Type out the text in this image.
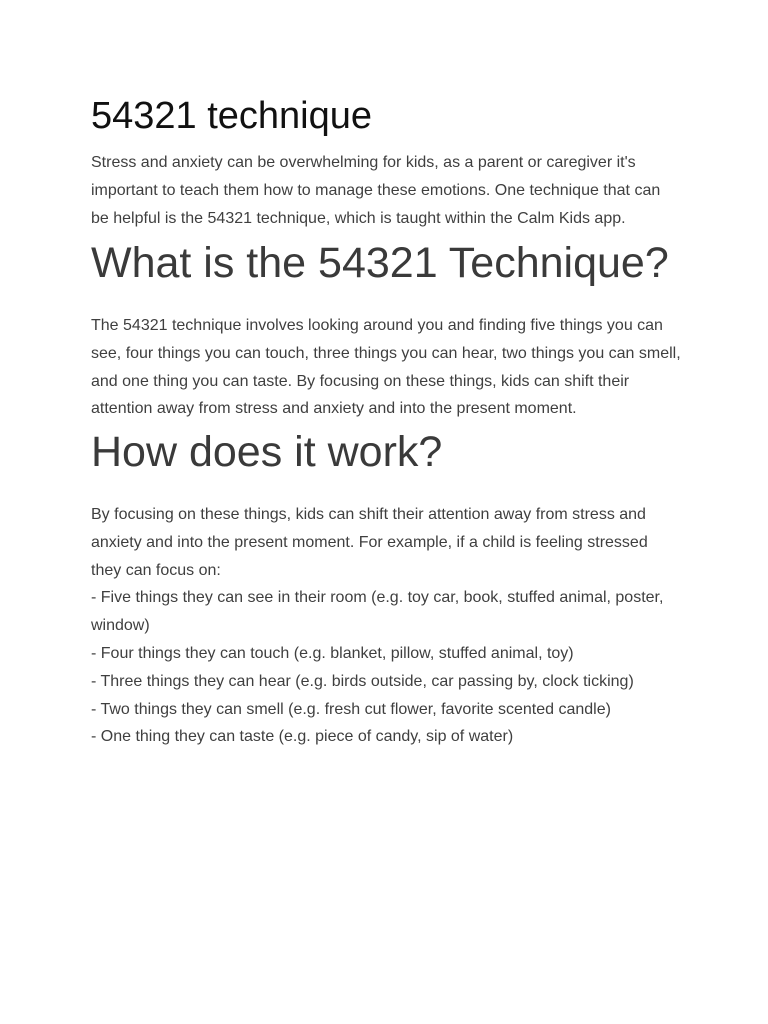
54321 technique

Stress and anxiety can be overwhelming for kids, as a parent or caregiver it's important to teach them how to manage these emotions. One technique that can be helpful is the 54321 technique, which is taught within the Calm Kids app.

What is the 54321 Technique?

The 54321 technique involves looking around you and finding five things you can see, four things you can touch, three things you can hear, two things you can smell, and one thing you can taste. By focusing on these things, kids can shift their attention away from stress and anxiety and into the present moment.

How does it work?

By focusing on these things, kids can shift their attention away from stress and anxiety and into the present moment. For example, if a child is feeling stressed they can focus on:

- Five things they can see in their room (e.g. toy car, book, stuffed animal, poster, window)
- Four things they can touch (e.g. blanket, pillow, stuffed animal, toy)
- Three things they can hear (e.g. birds outside, car passing by, clock ticking)
- Two things they can smell (e.g. fresh cut flower, favorite scented candle)
- One thing they can taste (e.g. piece of candy, sip of water)
